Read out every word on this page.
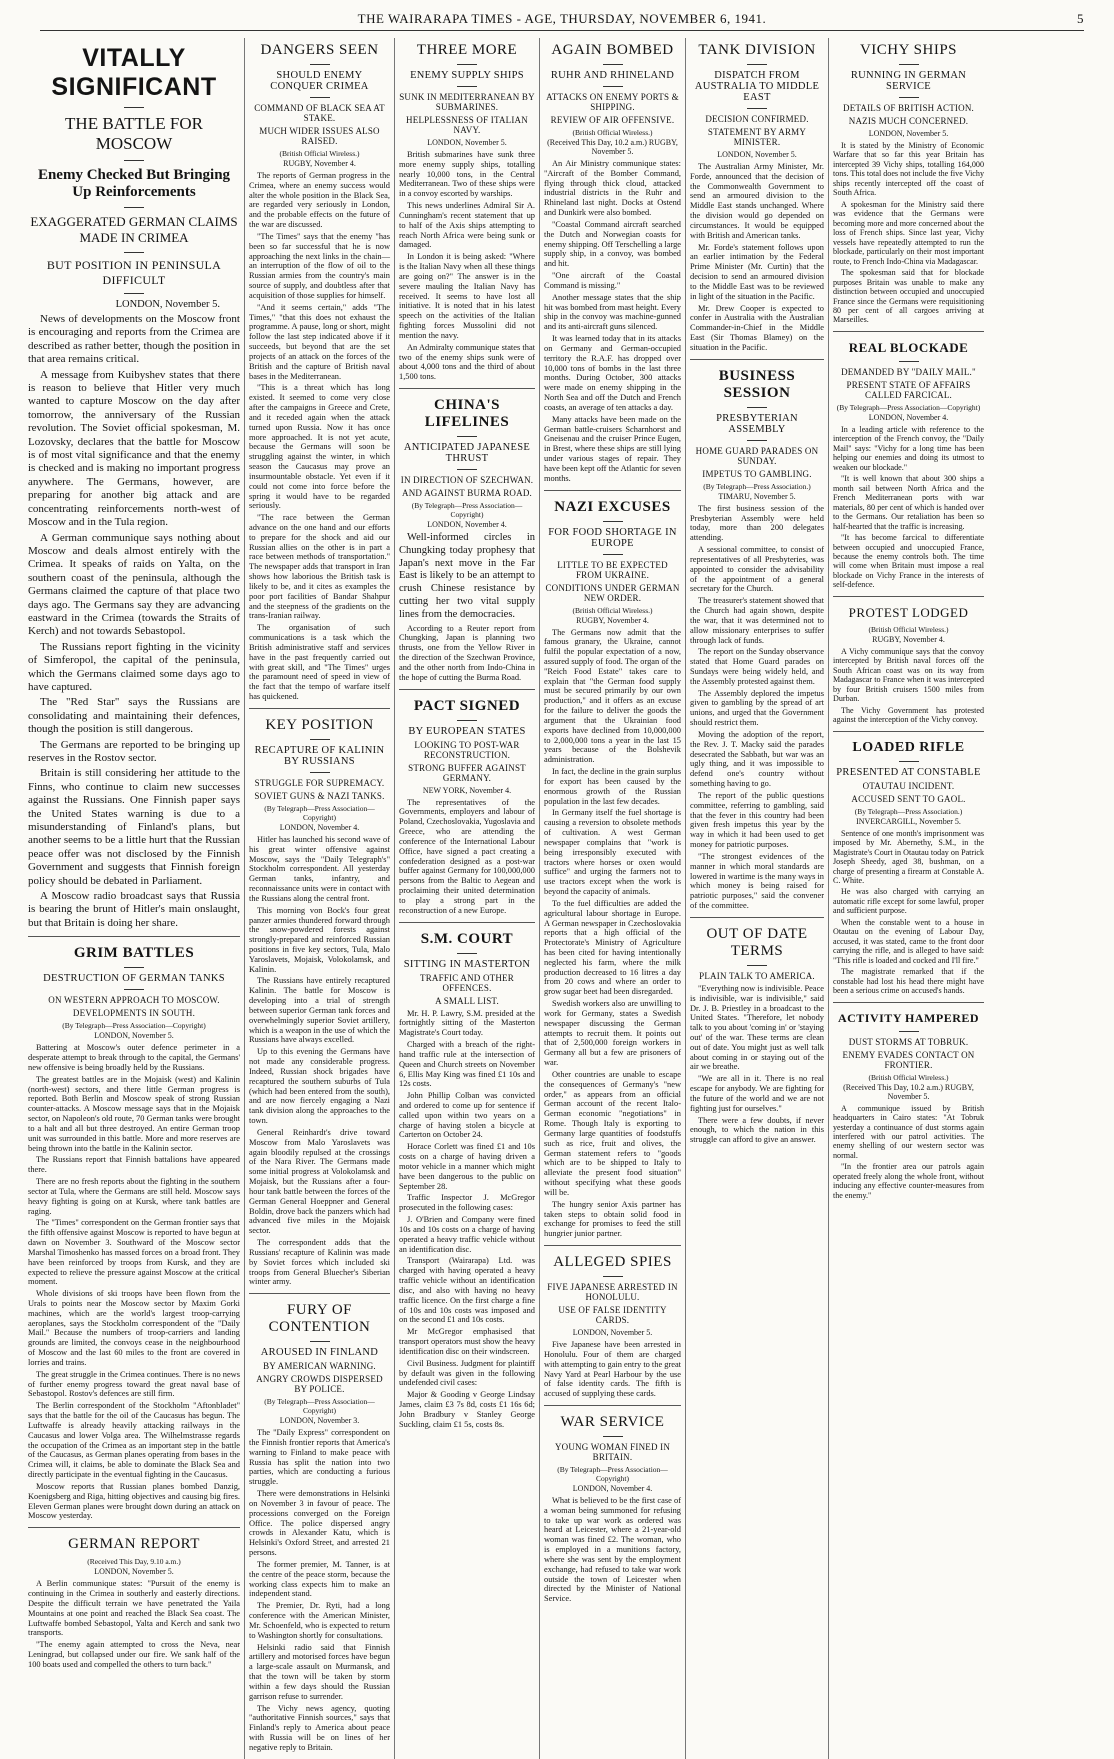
THE WAIRARAPA TIMES - AGE, THURSDAY, NOVEMBER 6, 1941.	5
VITALLY SIGNIFICANT
THE BATTLE FOR MOSCOW
Enemy Checked But Bringing Up Reinforcements
EXAGGERATED GERMAN CLAIMS MADE IN CRIMEA
BUT POSITION IN PENINSULA DIFFICULT
LONDON, November 5.

News of developments on the Moscow front is encouraging and reports from the Crimea are described as rather better, though the position in that area remains critical.

A message from Kuibyshev states that there is reason to believe that Hitler very much wanted to capture Moscow on the day after tomorrow, the anniversary of the Russian revolution. The Soviet official spokesman, M. Lozovsky, declares that the battle for Moscow is of most vital significance and that the enemy is checked and is making no important progress anywhere. The Germans, however, are preparing for another big attack and are concentrating reinforcements north-west of Moscow and in the Tula region.

A German communique says nothing about Moscow and deals almost entirely with the Crimea. It speaks of raids on Yalta, on the southern coast of the peninsula, although the Germans claimed the capture of that place two days ago. The Germans say they are advancing eastward in the Crimea (towards the Straits of Kerch) and not towards Sebastopol.

The Russians report fighting in the vicinity of Simferopol, the capital of the peninsula, which the Germans claimed some days ago to have captured.

The "Red Star" says the Russians are consolidating and maintaining their defences, though the position is still dangerous.

The Germans are reported to be bringing up reserves in the Rostov sector.

Britain is still considering her attitude to the Finns, who continue to claim new successes against the Russians. One Finnish paper says the United States warning is due to a misunderstanding of Finland's plans, but another seems to be a little hurt that the Russian peace offer was not disclosed by the Finnish Government and suggests that Finnish foreign policy should be debated in Parliament.

A Moscow radio broadcast says that Russia is bearing the brunt of Hitler's main onslaught, but that Britain is doing her share.

GRIM BATTLES
DESTRUCTION OF GERMAN TANKS
ON WESTERN APPROACH TO MOSCOW.
DEVELOPMENTS IN SOUTH.
(By Telegraph—Press Association—Copyright)
LONDON, November 5.

Battering at Moscow's outer defence perimeter in a desperate attempt to break through to the capital, the Germans' new offensive is being broadly held by the Russians.

The greatest battles are in the Mojaisk (west) and Kalinin (north-west) sectors, and there little German progress is reported. Both Berlin and Moscow speak of strong Russian counter-attacks. A Moscow message says that in the Mojaisk sector, on Napoleon's old route, 70 German tanks were brought to a halt and all but three destroyed. An entire German troop unit was surrounded in this battle. More and more reserves are being thrown into the battle in the Kalinin sector.

The Russians report that Finnish battalions have appeared there.

There are no fresh reports about the fighting in the southern sector at Tula, where the Germans are still held. Moscow says heavy fighting is going on at Kursk, where tank battles are raging.

The "Times" correspondent on the German frontier says that the fifth offensive against Moscow is reported to have begun at dawn on November 3. Southward of the Moscow sector Marshal Timoshenko has massed forces on a broad front. They have been reinforced by troops from Kursk, and they are expected to relieve the pressure against Moscow at the critical moment.

Whole divisions of ski troops have been flown from the Urals to points near the Moscow sector by Maxim Gorki machines, which are the world's largest troop-carrying aeroplanes, says the Stockholm correspondent of the "Daily Mail." Because the numbers of troop-carriers and landing grounds are limited, the convoys cease in the neighbourhood of Moscow and the last 60 miles to the front are covered in lorries and trains.

The great struggle in the Crimea continues. There is no news of further enemy progress toward the great naval base of Sebastopol. Rostov's defences are still firm.

The Berlin correspondent of the Stockholm "Aftonbladet" says that the battle for the oil of the Caucasus has begun. The Luftwaffe is already heavily attacking railways in the Caucasus and lower Volga area. The Wilhelmstrasse regards the occupation of the Crimea as an important step in the battle of the Caucasus, as German planes operating from bases in the Crimea will, it claims, be able to dominate the Black Sea and directly participate in the eventual fighting in the Caucasus.

Moscow reports that Russian planes bombed Danzig, Koenigsberg and Riga, hitting objectives and causing big fires. Eleven German planes were brought down during an attack on Moscow yesterday.

GERMAN REPORT
(Received This Day, 9.10 a.m.)
LONDON, November 5.

A Berlin communique states: "Pursuit of the enemy is continuing in the Crimea in southerly and easterly directions. Despite the difficult terrain we have penetrated the Yaila Mountains at one point and reached the Black Sea coast. The Luftwaffe bombed Sebastopol, Yalta and Kerch and sank two transports.

"The enemy again attempted to cross the Neva, near Leningrad, but collapsed under our fire. We sank half of the 100 boats used and compelled the others to turn back."

DANGERS SEEN
SHOULD ENEMY CONQUER CRIMEA
COMMAND OF BLACK SEA AT STAKE.
MUCH WIDER ISSUES ALSO RAISED.
(British Official Wireless.)
RUGBY, November 4.

The reports of German progress in the Crimea, where an enemy success would alter the whole position in the Black Sea, are regarded very seriously in London, and the probable effects on the future of the war are discussed.

"The Times" says that the enemy "has been so far successful that he is now approaching the next links in the chain—an interruption of the flow of oil to the Russian armies from the country's main source of supply, and doubtless after that acquisition of those supplies for himself.

"And it seems certain," adds "The Times," "that this does not exhaust the programme. A pause, long or short, might follow the last step indicated above if it succeeds, but beyond that are the set projects of an attack on the forces of the British and the capture of British naval bases in the Mediterranean.

"This is a threat which has long existed. It seemed to come very close after the campaigns in Greece and Crete, and it receded again when the attack turned upon Russia. Now it has once more approached. It is not yet acute, because the Germans will soon be struggling against the winter, in which season the Caucasus may prove an insurmountable obstacle. Yet even if it could not come into force before the spring it would have to be regarded seriously.

"The race between the German advance on the one hand and our efforts to prepare for the shock and aid our Russian allies on the other is in part a race between methods of transportation." The newspaper adds that transport in Iran shows how laborious the British task is likely to be, and it cites as examples the poor port facilities of Bandar Shahpur and the steepness of the gradients on the trans-Iranian railway.

The organisation of such communications is a task which the British administrative staff and services have in the past frequently carried out with great skill, and "The Times" urges the paramount need of speed in view of the fact that the tempo of warfare itself has quickened.

KEY POSITION
RECAPTURE OF KALININ BY RUSSIANS
STRUGGLE FOR SUPREMACY.
SOVIET GUNS & NAZI TANKS.
(By Telegraph—Press Association—Copyright)
LONDON, November 4.

Hitler has launched his second wave of his great winter offensive against Moscow, says the "Daily Telegraph's" Stockholm correspondent. All yesterday German tanks, infantry, and reconnaissance units were in contact with the Russians along the central front.

This morning von Bock's four great panzer armies thundered forward through the snow-powdered forests against strongly-prepared and reinforced Russian positions in five key sectors, Tula, Malo Yaroslavets, Mojaisk, Volokolamsk, and Kalinin.

The Russians have entirely recaptured Kalinin. The battle for Moscow is developing into a trial of strength between superior German tank forces and overwhelmingly superior Soviet artillery, which is a weapon in the use of which the Russians have always excelled.

Up to this evening the Germans have not made any considerable progress. Indeed, Russian shock brigades have recaptured the southern suburbs of Tula (which had been entered from the south), and are now fiercely engaging a Nazi tank division along the approaches to the town.

General Reinhardt's drive toward Moscow from Malo Yaroslavets was again bloodily repulsed at the crossings of the Nara River. The Germans made some initial progress at Volokolamsk and Mojaisk, but the Russians after a four-hour tank battle between the forces of the German General Hoeppner and General Boldin, drove back the panzers which had advanced five miles in the Mojaisk sector.

The correspondent adds that the Russians' recapture of Kalinin was made by Soviet forces which included ski troops from General Bluecher's Siberian winter army.

FURY OF CONTENTION
AROUSED IN FINLAND
BY AMERICAN WARNING.
ANGRY CROWDS DISPERSED BY POLICE.
(By Telegraph—Press Association—Copyright)
LONDON, November 3.

The "Daily Express" correspondent on the Finnish frontier reports that America's warning to Finland to make peace with Russia has split the nation into two parties, which are conducting a furious struggle.

There were demonstrations in Helsinki on November 3 in favour of peace. The processions converged on the Foreign Office. The police dispersed angry crowds in Alexander Katu, which is Helsinki's Oxford Street, and arrested 21 persons.

The former premier, M. Tanner, is at the centre of the peace storm, because the working class expects him to make an independent stand.

The Premier, Dr. Ryti, had a long conference with the American Minister, Mr. Schoenfeld, who is expected to return to Washington shortly for consultations.

Helsinki radio said that Finnish artillery and motorised forces have begun a large-scale assault on Murmansk, and that the town will be taken by storm within a few days should the Russian garrison refuse to surrender.

The Vichy news agency, quoting "authoritative Finnish sources," says that Finland's reply to America about peace with Russia will be on lines of her negative reply to Britain.

THREE MORE
ENEMY SUPPLY SHIPS
SUNK IN MEDITERRANEAN BY SUBMARINES.
HELPLESSNESS OF ITALIAN NAVY.
LONDON, November 5.

British submarines have sunk three more enemy supply ships, totalling nearly 10,000 tons, in the Central Mediterranean. Two of these ships were in a convoy escorted by warships.

This news underlines Admiral Sir A. Cunningham's recent statement that up to half of the Axis ships attempting to reach North Africa were being sunk or damaged.

In London it is being asked: "Where is the Italian Navy when all these things are going on?" The answer is in the severe mauling the Italian Navy has received. It seems to have lost all initiative. It is noted that in his latest speech on the activities of the Italian fighting forces Mussolini did not mention the navy.

An Admiralty communique states that two of the enemy ships sunk were of about 4,000 tons and the third of about 1,500 tons.

CHINA'S LIFELINES
ANTICIPATED JAPANESE THRUST
IN DIRECTION OF SZECHWAN.
AND AGAINST BURMA ROAD.
(By Telegraph—Press Association—Copyright)
LONDON, November 4.

Well-informed circles in Chungking today prophesy that Japan's next move in the Far East is likely to be an attempt to crush Chinese resistance by cutting her two vital supply lines from the democracies.

According to a Reuter report from Chungking, Japan is planning two thrusts, one from the Yellow River in the direction of the Szechwan Province, and the other north from Indo-China in the hope of cutting the Burma Road.

PACT SIGNED
BY EUROPEAN STATES
LOOKING TO POST-WAR RECONSTRUCTION.
STRONG BUFFER AGAINST GERMANY.
NEW YORK, November 4.

The representatives of the Governments, employers and labour of Poland, Czechoslovakia, Yugoslavia and Greece, who are attending the conference of the International Labour Office, have signed a pact creating a confederation designed as a post-war buffer against Germany for 100,000,000 persons from the Baltic to Aegean and proclaiming their united determination to play a strong part in the reconstruction of a new Europe.

S.M. COURT
SITTING IN MASTERTON
TRAFFIC AND OTHER OFFENCES.
A SMALL LIST.

Mr. H. P. Lawry, S.M. presided at the fortnightly sitting of the Masterton Magistrate's Court today.

Charged with a breach of the right-hand traffic rule at the intersection of Queen and Church streets on November 6, Ellis May King was fined £1 10s and 12s costs.

John Phillip Colban was convicted and ordered to come up for sentence if called upon within two years on a charge of having stolen a bicycle at Carterton on October 24.

Horace Corlett was fined £1 and 10s costs on a charge of having driven a motor vehicle in a manner which might have been dangerous to the public on September 28.

Traffic Inspector J. McGregor prosecuted in the following cases:

J. O'Brien and Company were fined 10s and 10s costs on a charge of having operated a heavy traffic vehicle without an identification disc.

Transport (Wairarapa) Ltd. was charged with having operated a heavy traffic vehicle without an identification disc, and also with having no heavy traffic licence. On the first charge a fine of 10s and 10s costs was imposed and on the second £1 and 10s costs.

Mr McGregor emphasised that transport operators must show the heavy identification disc on their windscreen.

Civil Business. Judgment for plaintiff by default was given in the following undefended civil cases:

Major & Gooding v George Lindsay James, claim £3 7s 8d, costs £1 16s 6d; John Bradbury v Stanley George Suckling, claim £1 5s, costs 8s.

AGAIN BOMBED
RUHR AND RHINELAND
ATTACKS ON ENEMY PORTS & SHIPPING.
REVIEW OF AIR OFFENSIVE.
(British Official Wireless.)
(Received This Day, 10.2 a.m.) RUGBY, November 5.

An Air Ministry communique states: "Aircraft of the Bomber Command, flying through thick cloud, attacked industrial districts in the Ruhr and Rhineland last night. Docks at Ostend and Dunkirk were also bombed.

"Coastal Command aircraft searched the Dutch and Norwegian coasts for enemy shipping. Off Terschelling a large supply ship, in a convoy, was bombed and hit.

"One aircraft of the Coastal Command is missing."

Another message states that the ship hit was bombed from mast height. Every ship in the convoy was machine-gunned and its anti-aircraft guns silenced.

It was learned today that in its attacks on Germany and German-occupied territory the R.A.F. has dropped over 10,000 tons of bombs in the last three months. During October, 300 attacks were made on enemy shipping in the North Sea and off the Dutch and French coasts, an average of ten attacks a day.

Many attacks have been made on the German battle-cruisers Scharnhorst and Gneisenau and the cruiser Prince Eugen, in Brest, where these ships are still lying under various stages of repair. They have been kept off the Atlantic for seven months.

NAZI EXCUSES
FOR FOOD SHORTAGE IN EUROPE
LITTLE TO BE EXPECTED FROM UKRAINE.
CONDITIONS UNDER GERMAN NEW ORDER.
(British Official Wireless.)
RUGBY, November 4.

The Germans now admit that the famous granary, the Ukraine, cannot fulfil the popular expectation of a now, assured supply of food. The organ of the "Reich Food Estate" takes care to explain that "the German food supply must be secured primarily by our own production," and it offers as an excuse for the failure to deliver the goods the argument that the Ukrainian food exports have declined from 10,000,000 to 2,000,000 tons a year in the last 15 years because of the Bolshevik administration.

In fact, the decline in the grain surplus for export has been caused by the enormous growth of the Russian population in the last few decades.

In Germany itself the fuel shortage is causing a reversion to obsolete methods of cultivation. A west German newspaper complains that "work is being irresponsibly executed with tractors where horses or oxen would suffice" and urging the farmers not to use tractors except when the work is beyond the capacity of animals.

To the fuel difficulties are added the agricultural labour shortage in Europe. A German newspaper in Czechoslovakia reports that a high official of the Protectorate's Ministry of Agriculture has been cited for having intentionally neglected his farm, where the milk production decreased to 16 litres a day from 20 cows and where an order to grow sugar beet had been disregarded.

Swedish workers also are unwilling to work for Germany, states a Swedish newspaper discussing the German attempts to recruit them. It points out that of 2,500,000 foreign workers in Germany all but a few are prisoners of war.

Other countries are unable to escape the consequences of Germany's "new order," as appears from an official German account of the recent Italo-German economic "negotiations" in Rome. Though Italy is exporting to Germany large quantities of foodstuffs such as rice, fruit and olives, the German statement refers to "goods which are to be shipped to Italy to alleviate the present food situation" without specifying what these goods will be.

The hungry senior Axis partner has taken steps to obtain solid food in exchange for promises to feed the still hungrier junior partner.

ALLEGED SPIES
FIVE JAPANESE ARRESTED IN HONOLULU.
USE OF FALSE IDENTITY CARDS.
LONDON, November 5.

Five Japanese have been arrested in Honolulu. Four of them are charged with attempting to gain entry to the great Navy Yard at Pearl Harbour by the use of false identity cards. The fifth is accused of supplying these cards.

WAR SERVICE
YOUNG WOMAN FINED IN BRITAIN.
(By Telegraph—Press Association—Copyright)
LONDON, November 4.

What is believed to be the first case of a woman being summoned for refusing to take up war work as ordered was heard at Leicester, where a 21-year-old woman was fined £2. The woman, who is employed in a munitions factory, where she was sent by the employment exchange, had refused to take war work outside the town of Leicester when directed by the Minister of National Service.

TANK DIVISION
DISPATCH FROM AUSTRALIA TO MIDDLE EAST
DECISION CONFIRMED.
STATEMENT BY ARMY MINISTER.
LONDON, November 5.

The Australian Army Minister, Mr. Forde, announced that the decision of the Commonwealth Government to send an armoured division to the Middle East stands unchanged. Where the division would go depended on circumstances. It would be equipped with British and American tanks.

Mr. Forde's statement follows upon an earlier intimation by the Federal Prime Minister (Mr. Curtin) that the decision to send an armoured division to the Middle East was to be reviewed in light of the situation in the Pacific.

Mr. Drew Cooper is expected to confer in Australia with the Australian Commander-in-Chief in the Middle East (Sir Thomas Blamey) on the situation in the Pacific.

BUSINESS SESSION
PRESBYTERIAN ASSEMBLY
HOME GUARD PARADES ON SUNDAY.
IMPETUS TO GAMBLING.
(By Telegraph—Press Association.)
TIMARU, November 5.

The first business session of the Presbyterian Assembly were held today, more than 200 delegates attending.

A sessional committee, to consist of representatives of all Presbyteries, was appointed to consider the advisability of the appointment of a general secretary for the Church.

The treasurer's statement showed that the Church had again shown, despite the war, that it was determined not to allow missionary enterprises to suffer through lack of funds.

The report on the Sunday observance stated that Home Guard parades on Sundays were being widely held, and the Assembly protested against them.

The Assembly deplored the impetus given to gambling by the spread of art unions, and urged that the Government should restrict them.

Moving the adoption of the report, the Rev. J. T. Macky said the parades desecrated the Sabbath, but war was an ugly thing, and it was impossible to defend one's country without something having to go.

The report of the public questions committee, referring to gambling, said that the fever in this country had been given fresh impetus this year by the way in which it had been used to get money for patriotic purposes.

"The strongest evidences of the manner in which moral standards are lowered in wartime is the many ways in which money is being raised for patriotic purposes," said the convener of the committee.

OUT OF DATE TERMS
PLAIN TALK TO AMERICA.

"Everything now is indivisible. Peace is indivisible, war is indivisible," said Dr. J. B. Priestley in a broadcast to the United States. "Therefore, let nobody talk to you about 'coming in' or 'staying out' of the war. These terms are clean out of date. You might just as well talk about coming in or staying out of the air we breathe.

"We are all in it. There is no real escape for anybody. We are fighting for the future of the world and we are not fighting just for ourselves."

There were a few doubts, if never enough, to which the nation in this struggle can afford to give an answer.

VICHY SHIPS
RUNNING IN GERMAN SERVICE
DETAILS OF BRITISH ACTION.
NAZIS MUCH CONCERNED.
LONDON, November 5.

It is stated by the Ministry of Economic Warfare that so far this year Britain has intercepted 39 Vichy ships, totalling 164,000 tons. This total does not include the five Vichy ships recently intercepted off the coast of South Africa.

A spokesman for the Ministry said there was evidence that the Germans were becoming more and more concerned about the loss of French ships. Since last year, Vichy vessels have repeatedly attempted to run the blockade, particularly on their most important route, to French Indo-China via Madagascar.

The spokesman said that for blockade purposes Britain was unable to make any distinction between occupied and unoccupied France since the Germans were requisitioning 80 per cent of all cargoes arriving at Marseilles.

REAL BLOCKADE
DEMANDED BY "DAILY MAIL."
PRESENT STATE OF AFFAIRS CALLED FARCICAL.
(By Telegraph—Press Association—Copyright)
LONDON, November 4.

In a leading article with reference to the interception of the French convoy, the "Daily Mail" says: "Vichy for a long time has been helping our enemies and doing its utmost to weaken our blockade."

"It is well known that about 300 ships a month sail between North Africa and the French Mediterranean ports with war materials, 80 per cent of which is handed over to the Germans. Our retaliation has been so half-hearted that the traffic is increasing.

"It has become farcical to differentiate between occupied and unoccupied France, because the enemy controls both. The time will come when Britain must impose a real blockade on Vichy France in the interests of self-defence.

PROTEST LODGED
(British Official Wireless.)
RUGBY, November 4.

A Vichy communique says that the convoy intercepted by British naval forces off the South African coast was on its way from Madagascar to France when it was intercepted by four British cruisers 1500 miles from Durban.

The Vichy Government has protested against the interception of the Vichy convoy.

LOADED RIFLE
PRESENTED AT CONSTABLE
OTAUTAU INCIDENT.
ACCUSED SENT TO GAOL.
(By Telegraph—Press Association.)
INVERCARGILL, November 5.

Sentence of one month's imprisonment was imposed by Mr. Abernethy, S.M., in the Magistrate's Court in Otautau today on Patrick Joseph Sheedy, aged 38, bushman, on a charge of presenting a firearm at Constable A. C. White.

He was also charged with carrying an automatic rifle except for some lawful, proper and sufficient purpose.

When the constable went to a house in Otautau on the evening of Labour Day, accused, it was stated, came to the front door carrying the rifle, and is alleged to have said: "This rifle is loaded and cocked and I'll fire."

The magistrate remarked that if the constable had lost his head there might have been a serious crime on accused's hands.

ACTIVITY HAMPERED
DUST STORMS AT TOBRUK.
ENEMY EVADES CONTACT ON FRONTIER.
(British Official Wireless.)
(Received This Day, 10.2 a.m.) RUGBY, November 5.

A communique issued by British headquarters in Cairo states: "At Tobruk yesterday a continuance of dust storms again interfered with our patrol activities. The enemy shelling of our western sector was normal.

"In the frontier area our patrols again operated freely along the whole front, without inducing any effective counter-measures from the enemy."
